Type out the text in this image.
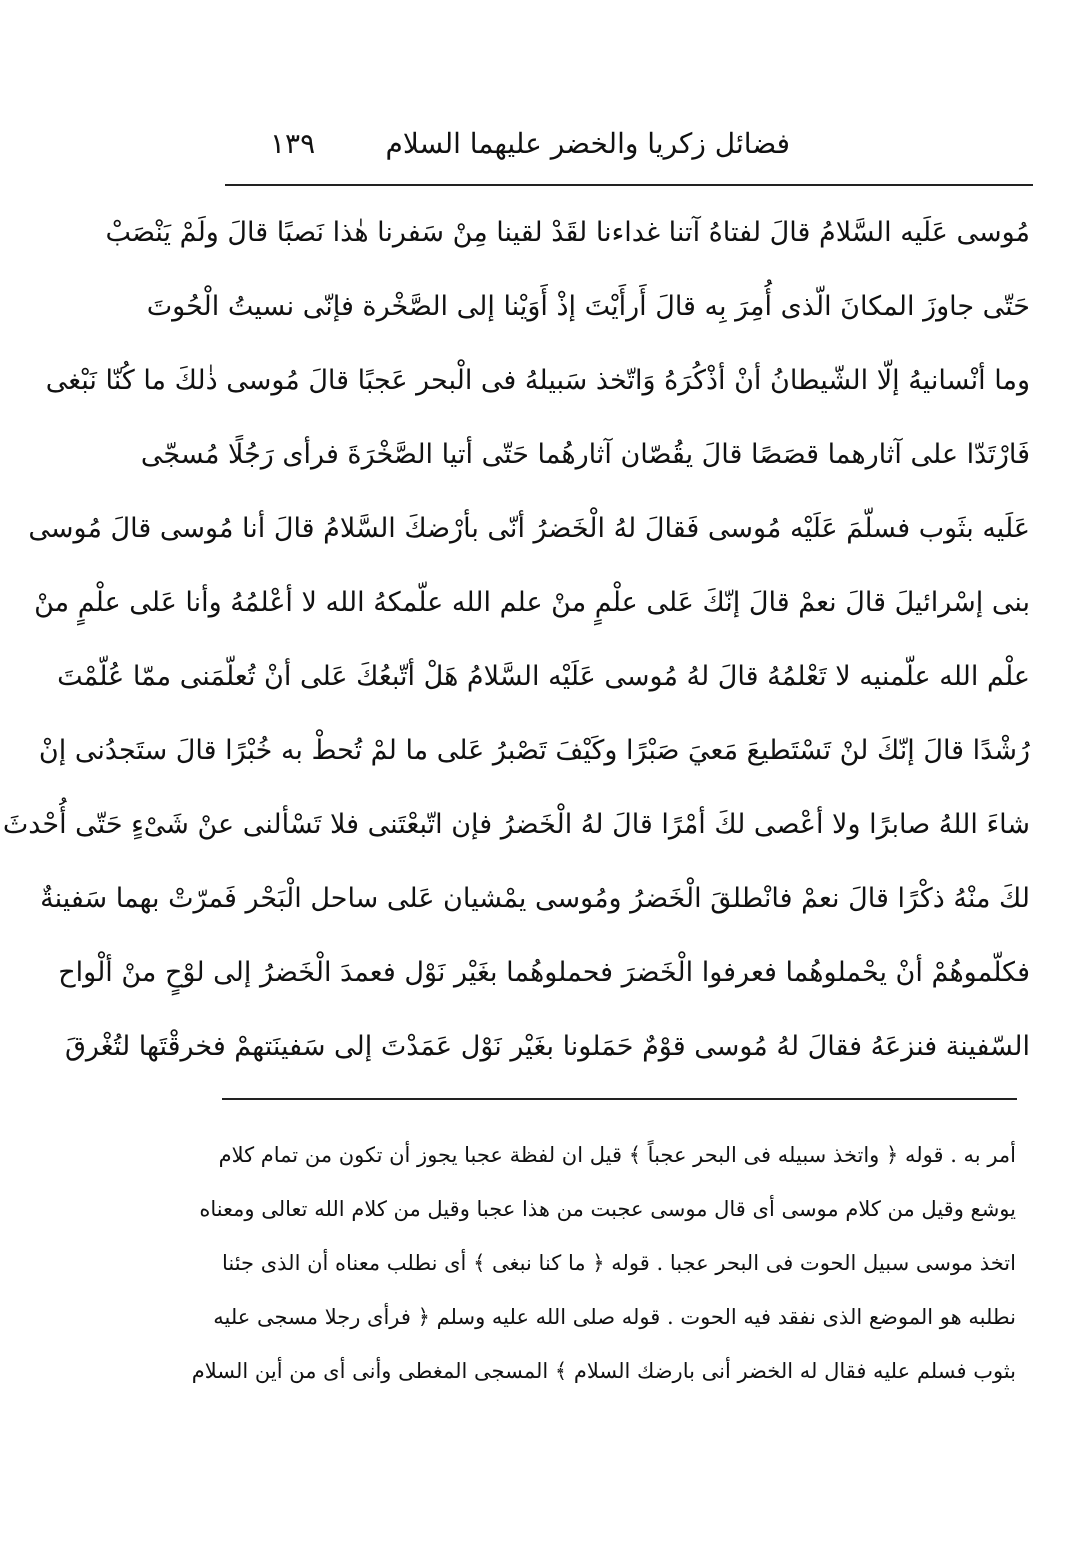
فضائل زكريا والخضر عليهما السلام
١٣٩
مُوسى عَلَيه السَّلامُ قالَ لفتاهُ آتنا غداءنا لقَدْ لقينا مِنْ سَفرنا هٰذا نَصبًا قالَ ولَمْ يَنْصَبْ
حَتّى جاوزَ المكانَ الّذى أُمِرَ بِه قالَ أَرأَيْتَ إذْ أَوَيْنا إلى الصَّخْرة فإنّى نسيتُ الْحُوتَ
وما أنْسانيهُ إلّا الشّيطانُ أنْ أذْكُرَهُ وَاتّخذ سَبيلهُ فى الْبحر عَجبًا قالَ مُوسى ذٰلكَ ما كُنّا نَبْغى
فَارْتَدّا على آثارهما قصَصًا قالَ يقُصّان آثارهُما حَتّى أتيا الصَّخْرَةَ فرأى رَجُلًا مُسجّى
عَلَيه بثَوب فسلّمَ عَلَيْه مُوسى فَقالَ لهُ الْخَضرُ أنّى بأرْضكَ السَّلامُ قالَ أنا مُوسى قالَ مُوسى
بنى إسْرائيلَ قالَ نعمْ قالَ إنّكَ عَلى علْمٍ منْ علم الله علّمكهُ الله لا أعْلمُهُ وأنا عَلى علْمٍ منْ
علْم الله علّمنيه لا تَعْلمُهُ قالَ لهُ مُوسى عَلَيْه السَّلامُ هَلْ أتّبعُكَ عَلى أنْ تُعلّمَنى ممّا عُلّمْتَ
رُشْدًا قالَ إنّكَ لنْ تَسْتَطيعَ مَعيَ صَبْرًا وكَيْفَ تَصْبرُ عَلى ما لمْ تُحطْ به خُبْرًا قالَ ستَجدُنى إنْ
شاءَ اللهُ صابرًا ولا أعْصى لكَ أمْرًا قالَ لهُ الْخَضرُ فإن اتّبعْتَنى فلا تَسْألنى عنْ شَىْءٍ حَتّى أُحْدثَ
لكَ منْهُ ذكْرًا قالَ نعمْ فانْطلقَ الْخَضرُ ومُوسى يمْشيان عَلى ساحل الْبَحْر فَمرّتْ بهما سَفينةٌ
فكلّموهُمْ أنْ يحْملوهُما فعرفوا الْخَضرَ فحملوهُما بغَيْر نَوْل فعمدَ الْخَضرُ إلى لوْحٍ منْ ألْواح
السّفينة فنزعَهُ فقالَ لهُ مُوسى قوْمٌ حَمَلونا بغَيْر نَوْل عَمَدْتَ إلى سَفينَتهمْ فخرقْتَها لتُغْرقَ
أمر به . قوله ﴿ واتخذ سبيله فى البحر عجباً ﴾ قيل ان لفظة عجبا يجوز أن تكون من تمام كلام
يوشع وقيل من كلام موسى أى قال موسى عجبت من هذا عجبا وقيل من كلام الله تعالى ومعناه
اتخذ موسى سبيل الحوت فى البحر عجبا . قوله ﴿ ما كنا نبغى ﴾ أى نطلب معناه أن الذى جئنا
نطلبه هو الموضع الذى نفقد فيه الحوت . قوله صلى الله عليه وسلم ﴿ فرأى رجلا مسجى عليه
بثوب فسلم عليه فقال له الخضر أنى بارضك السلام ﴾ المسجى المغطى وأنى أى من أين السلام
